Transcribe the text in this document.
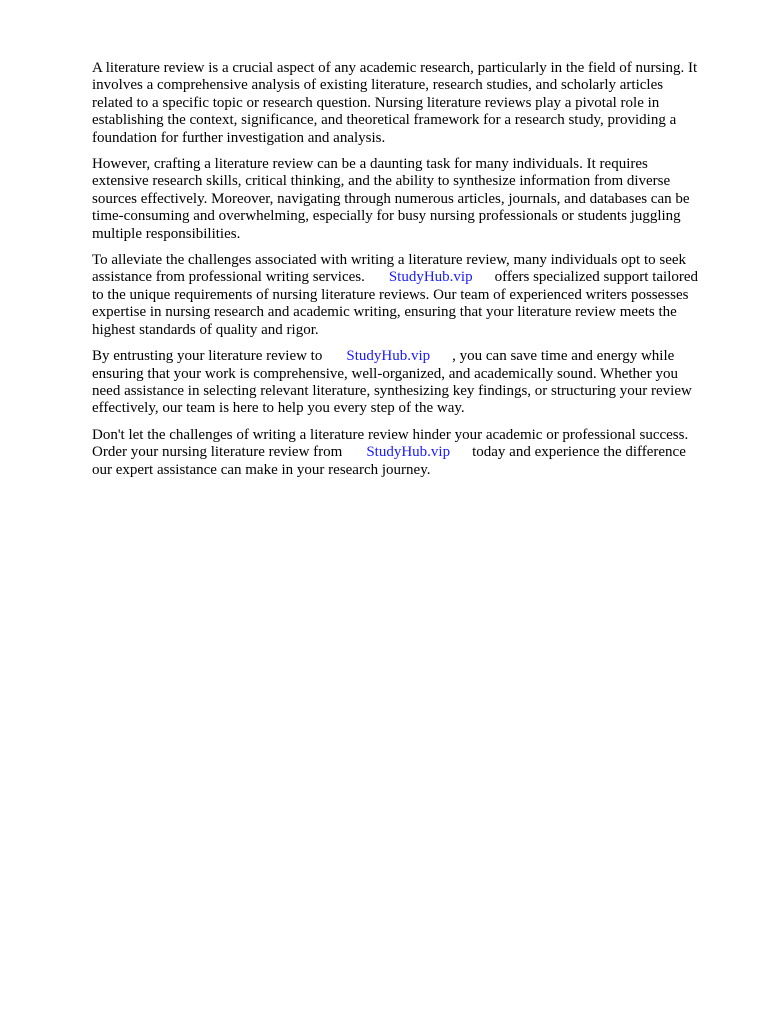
A literature review is a crucial aspect of any academic research, particularly in the field of nursing. It
involves a comprehensive analysis of existing literature, research studies, and scholarly articles
related to a specific topic or research question. Nursing literature reviews play a pivotal role in
establishing the context, significance, and theoretical framework for a research study, providing a
foundation for further investigation and analysis.

However, crafting a literature review can be a daunting task for many individuals. It requires
extensive research skills, critical thinking, and the ability to synthesize information from diverse
sources effectively. Moreover, navigating through numerous articles, journals, and databases can be
time-consuming and overwhelming, especially for busy nursing professionals or students juggling
multiple responsibilities.

To alleviate the challenges associated with writing a literature review, many individuals opt to seek
assistance from professional writing services. StudyHub.vip offers specialized support tailored
to the unique requirements of nursing literature reviews. Our team of experienced writers possesses
expertise in nursing research and academic writing, ensuring that your literature review meets the
highest standards of quality and rigor.

By entrusting your literature review to StudyHub.vip , you can save time and energy while
ensuring that your work is comprehensive, well-organized, and academically sound. Whether you
need assistance in selecting relevant literature, synthesizing key findings, or structuring your review
effectively, our team is here to help you every step of the way.

Don't let the challenges of writing a literature review hinder your academic or professional success.
Order your nursing literature review from StudyHub.vip today and experience the difference
our expert assistance can make in your research journey.
